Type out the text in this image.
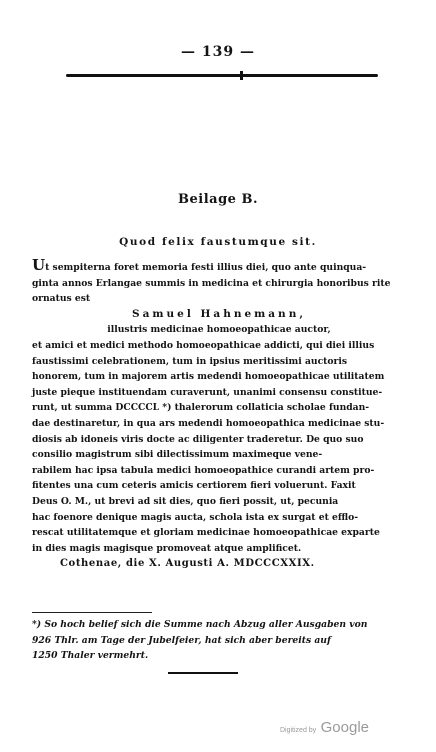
— 139 —
Beilage B.
Quod felix faustumque sit.
Ut sempiterna foret memoria festi illius diei, quo ante quinqua-
ginta annos Erlangae summis in medicina et chirurgia honoribus rite
ornatus est
Samuel Hahnemann,
illustris medicinae homoeopathicae auctor,
et amici et medici methodo homoeopathicae addicti, qui diei illius
faustissimi celebrationem, tum in ipsius meritissimi auctoris
honorem, tum in majorem artis medendi homoeopathicae utilitatem
juste pieque instituendam curaverunt, unanimi consensu constitue-
runt, ut summa DCCCCL *) thalerorum collaticia scholae fundan-
dae destinaretur, in qua ars medendi homoeopathica medicinae stu-
diosis ab idoneis viris docte ac diligenter traderetur. De quo suo
consilio magistrum sibi dilectissimum maximeque vene-
rabilem hac ipsa tabula medici homoeopathice curandi artem pro-
fitentes una cum ceteris amicis certiorem fieri voluerunt. Faxit
Deus O. M., ut brevi ad sit dies, quo fieri possit, ut, pecunia
hac foenore denique magis aucta, schola ista ex surgat et efflo-
rescat utilitatemque et gloriam medicinae homoeopathicae exparte
in dies magis magisque promoveat atque amplificet.
Cothenae, die X. Augusti A. MDCCCXXIX.
*) So hoch belief sich die Summe nach Abzug aller Ausgaben von
926 Thlr. am Tage der Jubelfeier, hat sich aber bereits auf
1250 Thaler vermehrt.
Digitized by Google
